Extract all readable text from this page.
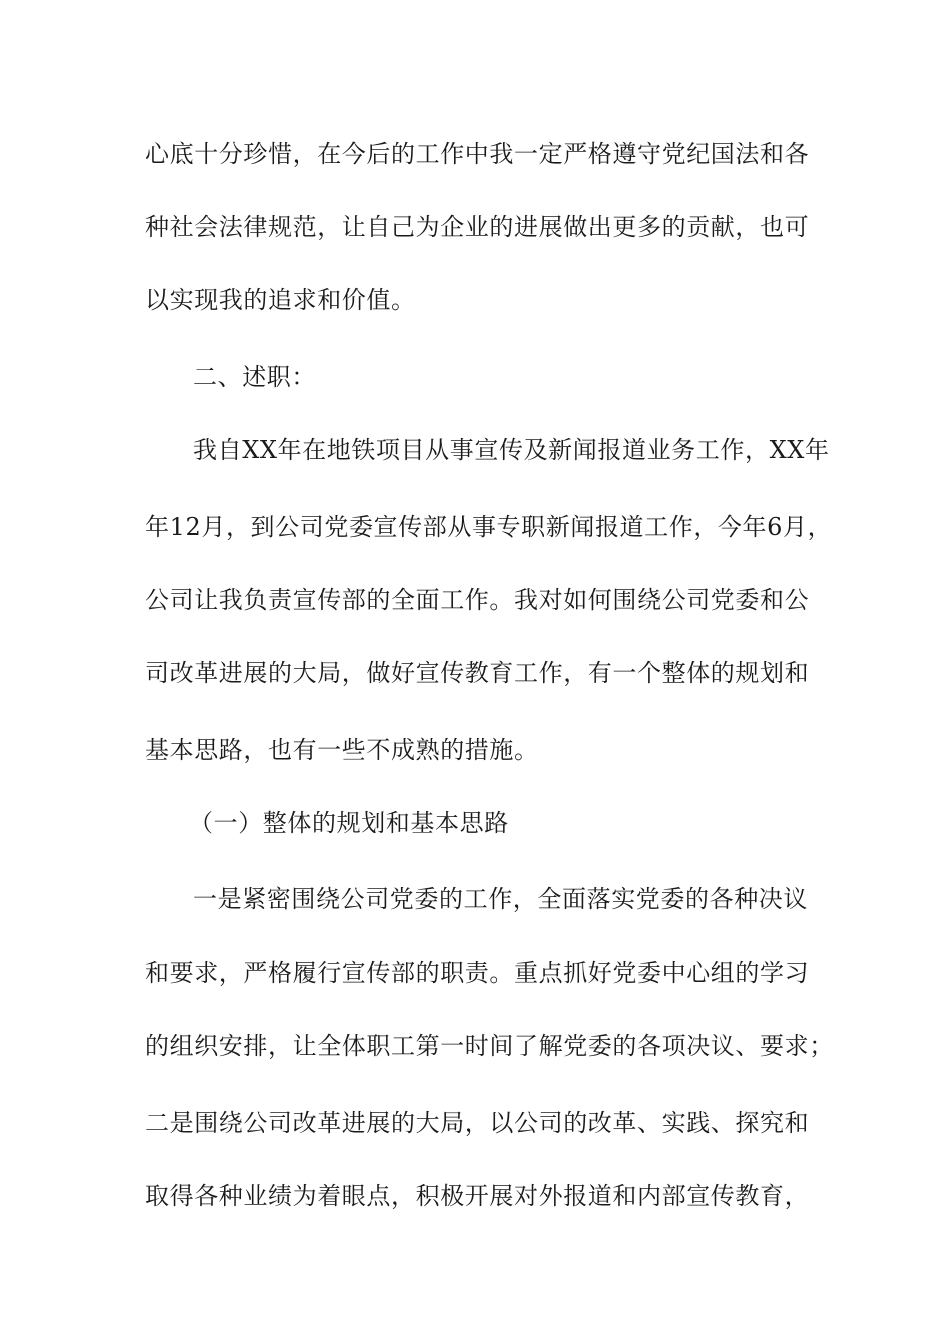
心底十分珍惜，在今后的工作中我一定严格遵守党纪国法和各
种社会法律规范，让自己为企业的进展做出更多的贡献，也可
以实现我的追求和价值。
二、述职：
我自XX年在地铁项目从事宣传及新闻报道业务工作，XX年
年12月，到公司党委宣传部从事专职新闻报道工作，今年6月，
公司让我负责宣传部的全面工作。我对如何围绕公司党委和公
司改革进展的大局，做好宣传教育工作，有一个整体的规划和
基本思路，也有一些不成熟的措施。
（一）整体的规划和基本思路
一是紧密围绕公司党委的工作，全面落实党委的各种决议
和要求，严格履行宣传部的职责。重点抓好党委中心组的学习
的组织安排，让全体职工第一时间了解党委的各项决议、要求；
二是围绕公司改革进展的大局，以公司的改革、实践、探究和
取得各种业绩为着眼点，积极开展对外报道和内部宣传教育，
